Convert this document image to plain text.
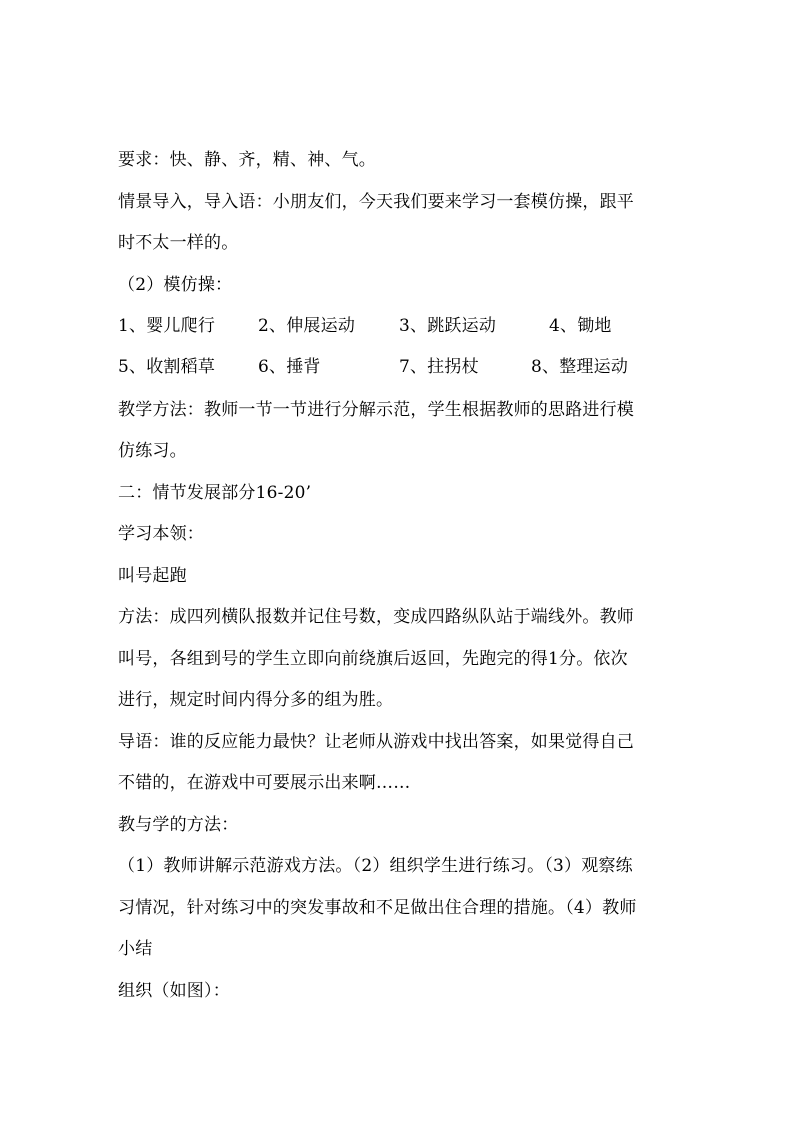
要求：快、静、齐，精、神、气。
情景导入，导入语：小朋友们，今天我们要来学习一套模仿操，跟平
时不太一样的。
（2）模仿操：
1、婴儿爬行	2、伸展运动	3、跳跃运动	4、锄地
5、收割稻草	6、捶背	7、拄拐杖	8、整理运动
教学方法：教师一节一节进行分解示范，学生根据教师的思路进行模
仿练习。
二：情节发展部分16-20’
学习本领：
叫号起跑
方法：成四列横队报数并记住号数，变成四路纵队站于端线外。教师
叫号，各组到号的学生立即向前绕旗后返回，先跑完的得1分。依次
进行，规定时间内得分多的组为胜。
导语：谁的反应能力最快？让老师从游戏中找出答案，如果觉得自己
不错的，在游戏中可要展示出来啊……
教与学的方法：
（1）教师讲解示范游戏方法。（2）组织学生进行练习。（3）观察练
习情况，针对练习中的突发事故和不足做出住合理的措施。（4）教师
小结
组织（如图）：
